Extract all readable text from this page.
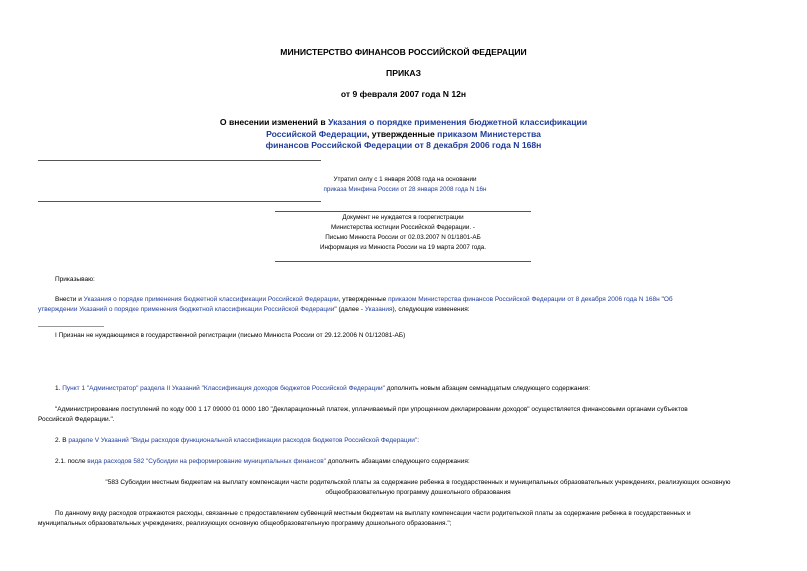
МИНИСТЕРСТВО ФИНАНСОВ РОССИЙСКОЙ ФЕДЕРАЦИИ
ПРИКАЗ
от 9 февраля 2007 года N 12н
О внесении изменений в Указания о порядке применения бюджетной классификации
Российской Федерации, утвержденные приказом Министерства
финансов Российской Федерации от 8 декабря 2006 года N 168н
Утратил силу с 1 января 2008 года на основании
приказа Минфина России от 28 января 2008 года N 16н
Документ не нуждается в госрегистрации
Министерства юстиции Российской Федерации. -
Письмо Минюста России от 02.03.2007 N 01/1801-АБ
Информация из Минюста России на 19 марта 2007 года.
Приказываю:
Внести и Указания о порядке применения бюджетной классификации Российской Федерации, утвержденные приказом Министерства финансов Российской Федерации от 8 декабря 2006 года N 168н "Об
утверждении Указаний о порядке применения бюджетной классификации Российской Федерации" (далее - Указания), следующие изменения:
I Признан не нуждающимся в государственной регистрации (письмо Минюста России от 29.12.2006 N 01/12081-АБ)
1. Пункт 1 "Администратор" раздела II Указаний "Классификация доходов бюджетов Российской Федерации" дополнить новым абзацем семнадцатым следующего содержания:
"Администрирование поступлений по коду 000 1 17 09000 01 0000 180 "Декларационный платеж, уплачиваемый при упрощенном декларировании доходов" осуществляется финансовыми органами субъектов
Российской Федерации.".
2. В разделе V Указаний "Виды расходов функциональной классификации расходов бюджетов Российской Федерации":
2.1. после вида расходов 582 "Субсидии на реформирование муниципальных финансов" дополнить абзацами следующего содержания:
"583 Субсидии местным бюджетам на выплату компенсации части родительской платы за содержание ребенка в государственных и муниципальных образовательных учреждениях, реализующих основную
общеобразовательную программу дошкольного образования
По данному виду расходов отражаются расходы, связанные с предоставлением субвенций местным бюджетам на выплату компенсации части родительской платы за содержание ребенка в государственных и
муниципальных образовательных учреждениях, реализующих основную общеобразовательную программу дошкольного образования.";
